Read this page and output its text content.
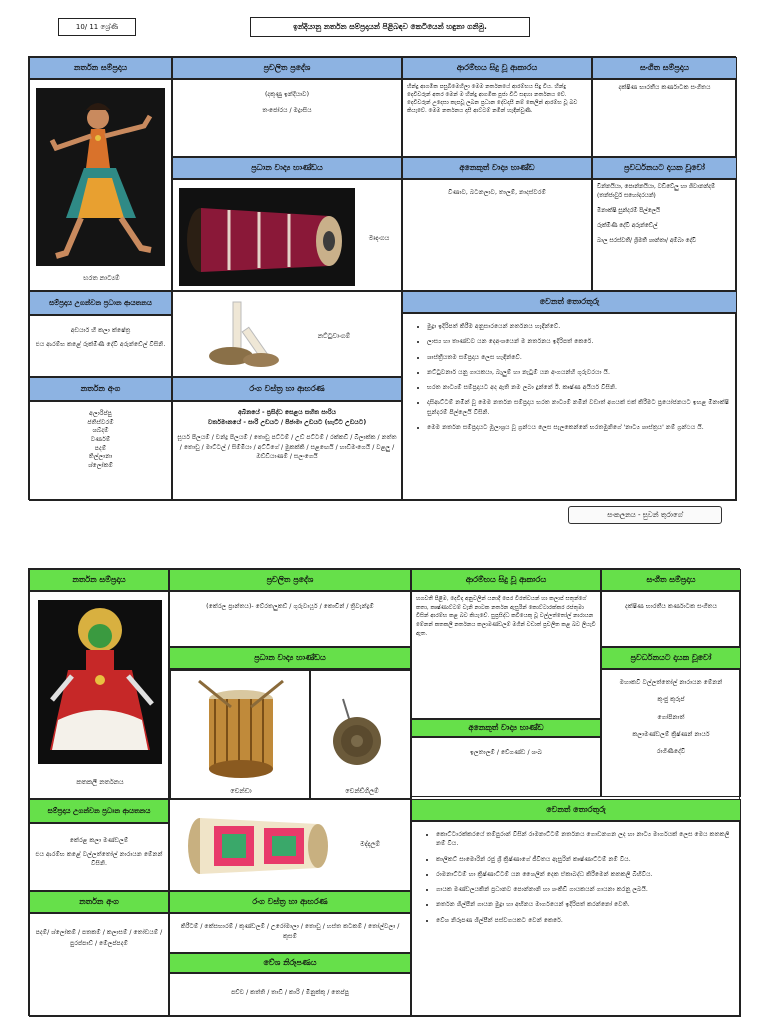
10/ 11 ශ්‍රේණි	ඉන්දියානු නර්තන සම්ප්‍රදායන් පිළිබඳව කෙටියෙන් හඳුනා ගනිමු.
නර්තන සම්ප්‍රදාය	ප්‍රචලිත ප්‍රදේශ	ආරම්භය සිදු වූ ආකාරය	සංගීත සම්ප්‍රදාය
භරත නාට්‍යම්
(දකුණු ඉන්දියාව)
තංජෝරය / මද්‍රාසිය
හින්දු ආගමික පසුබිමෙහිලා මෙම නර්තනයේ ආරම්භය සිදු විය. හින්දු දෙවිවරුන් අතර මෙන් ම හින්දු ආගමික පූජා විධි සඳහා නර්තනය වේ. දෙවිවරුන් උදෙසා කැපවූ ලබන ප්‍රධාන දේවදාසී නම් කෙලින් ආරම්භ වූ බව කියැවේ. මෙම නර්තනය දාසී ආට්ටම් නමින් හැඳින්වුණි.
දක්ෂිණ භාරතීය කර්ණාටක සංගීතය
ප්‍රධාන වාද්‍ය භාණ්ඩය	අනෙකුත් වාද්‍ය භාණ්ඩ	ප්‍රවර්ධනයට දායක වූවෝ
මෘදංගය
වීණාව, බටනලාව, තාලම්, නාදස්වරම්
චින්නයියා, පොන්නයියා, වඩිවේලු හා ශිවානන්දම් (තන්ජාවුර් සහෝදරයන්)
මීනාක්ෂි සුන්දරම් පිල්ලෙයි
රුක්මිණී දේවි අරුන්ඩේල්
බාල සරස්වතී/ ශ්‍රිමතී ශාන්තා/ අම්බා දේවි
සම්ප්‍රදාය උගන්වන ප්‍රධාන ආයතනය
නට්ටුවාංගම්
වෙනත් තොරතුරු
අඩයාර් හී කලා ක්ෂේත්‍ර
එය ආරම්භ කළේ රුක්මිණී දේවි අරුන්ඩේල් විසිනි.
• මුද්‍රා ඉදිරිපත් කිරීම අනුසාරයෙන් නර්තනය හැඳින්වේ.
• ලාස්‍ය හා තාණ්ඩව යන දෙඅංශයෙන් ම නර්තනය ඉදිරිපත් කෙරේ.
• ශාස්ත්‍රීයතම සම්ප්‍රදාය ලෙස හැඳින්වේ.
• නට්ටුවනාර් යනු ගායකයා, බැලුම් හා නැටුම් යන අංගයන්හි ගුරුවරයා යි.
• භරත නාට්‍යම් සම්ප්‍රදායට අද ඇති නම ලබා දුන්නේ ඊ. කෘෂ්ණ අයියර් විසිනි.
• දාසිආට්ටම් නමින් වූ මෙම නර්තන සම්ප්‍රදාය භරත නාට්‍යම් නමින් වඩාත් අගයක් එක් කිරීමට ප්‍රයෝජනයට ඉහළ මීනාක්ෂි සුන්දරම් පිල්ලෙයි විසිනි.
• මෙම නර්තන සම්ප්‍රදායට මූලාශ්‍රය වූ ග්‍රන්ථය ලෙස සැලකෙන්නේ භරතමුනිගේ 'නාට්‍ය ශාස්ත්‍රය' නම් ග්‍රන්ථය යි.
නර්තන අංග	රංග වස්ත්‍ර හා ආභරණ
අලාරිප්පු
ජතිස්වරම්
ශබ්දම්
වර්ණම්
පදම්
තිල්ලානා
ශ්ලෝකම්
අබිනයේ - ප්‍රසිද්ධ සෙළය සහිත සාරිය
වර්තමානයේ - සාරි උඩයට / පිජාමා උඩයට (හැට්ට උඩයට)
සූර්ය පිලයම් / චන්ද්‍ර පිලයම් / තොඩු පට්ටම් / උඩ් පට්ටම් / රක්කඩි / බිලාක්ක / නත්ත / තොඩු / මාට්ටල් / සිම්මියා / අට්ටිගේ / මුකක්කි / සළඟෙයි / හාඩිමංගෙයි / වළලු / ඔඩ්ඩියාණම් / සලංගෙයි
සංකලනය - සුවන් තුරාගේ
නර්තන සම්ප්‍රදාය	ප්‍රචලිත ප්‍රදේශ	ආරම්භය සිදු වූ ආකාරය	සංගීත සම්ප්‍රදාය
කතකලී නර්තනය
(කේරල ප්‍රාන්තය)- වේරතලුකඩ් / ගුරුවායූර් / කොචින් / ත්‍රිවැන්ද්‍රම්
හගවතී පිළිම, දෙවිදා අනුවලින් යනාදී පෙර වීරත්වයන් හා කලාප් සතුන්ගේ කතා, කෘෂ්ණාට්ටම් වැනි නාටක නර්තන ඇසුරින් කොට්ටාරක්කර රජතුමා විසින් ආරම්භ කළ බව කියැවේ. සුප්‍රසිද්ධ කවියෙකු වූ වල්ලත්තෝල් නාරායන මේනන් කතකලී නර්තනය කලාමණ්ඩලම් මගින් වඩාත් ප්‍රචලිත කළ බව ලියැවී ඇත.
දක්ෂිණ භාරතීය කර්ණාටක සංගීතය
ප්‍රධාන වාද්‍ය භාණ්ඩය	ප්‍රවර්ධනයට දායක වූවෝ
චෙන්ඩා	චෙන්ඩ්ගිලම්
මහාකවි වල්ලත්තෝල් නාරායන මේනන්
කුංජු කුරුප්
ගෝපිනාත්
කලාමණ්ඩලම් ක්‍රිෂ්ණන් නායර්
රාගිණීදේවි
අනෙකුත් වාද්‍ය භාණ්ඩ
ඉලතාලම් / චේගණ්ඩ / ශංඛ
සම්ප්‍රදාය උගන්වන ප්‍රධාන ආයතනය
මද්දලම්
වෙනත් තොරතුරු
කේරළ කලා මණ්ඩලම්
එය ආරම්භ කළේ වල්ලත්තෝල් නාරායන මේනන් විසිනි.
• කොට්ටාරක්කරයේ තම්පුරාන් විසින් රාමනාට්ටම් නර්තනය ගොඩනගන ලද හා නාට්‍ය මාර්ගයක් ලෙස මෙය කතකලී නම් විය.
• කාලීකට් සාමොරින් රජු ශ්‍රී ක්‍රිෂ්ණාගේ ජීවිතය ඇසුරින් කෘෂ්ණාට්ටම් නම් විය.
• රාමනාට්ටම් හා ක්‍රිෂ්ණාට්ටම් යන ශෛලීන් දෙක ඒකාබද්ධ කිරීමෙන් කතකලී බිහිවිය.
• ගායක මණ්ඩලයකින් ප්‍රධානව පොන්නානි හා ශංකිඩි ගායකයන් ගායනා කරනු ලබයි.
• නර්තන ශිල්පීන් ගායන මුද්‍රා හා අභිනය මාර්ගයෙන් ඉදිරිපත් කරන්නෝ වෙති.
• වේශ නිරූපණ ශිල්පීන් පස්වගයකට වෙන් කෙරේ.
නර්තන අංග	රංග වස්ත්‍ර හා ආභරණ
පදම්/ ශ්ලෝකම් / පතකම් / කලාසම් / තෝඩයම් / පුරප්පාඩ් / මේලප්පදම්
කිරීටම් / කේසභාරම් / කුණ්ඩලම් / උරෝමාලා / තොඩු / හස්ත කටකම් / තෝල්වලා / කුසම්
වේශ නිරූපණය
පච්ච / කත්ති / තාඩි / කාරි / මිනුක්කු / තෙප්පු
